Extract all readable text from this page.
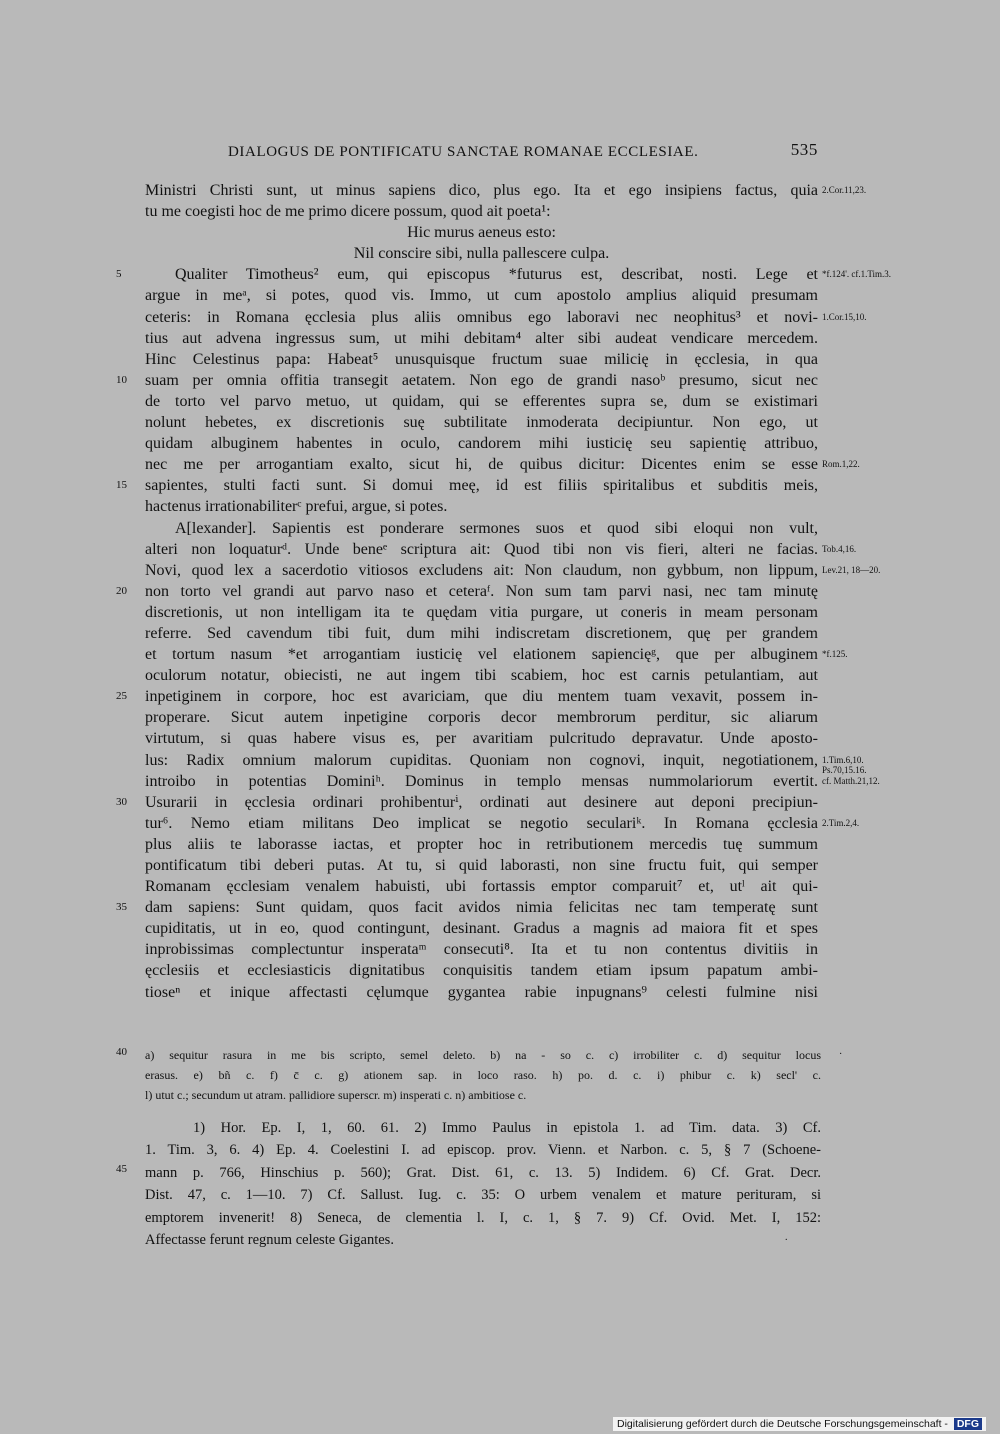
DIALOGUS DE PONTIFICATU SANCTAE ROMANAE ECCLESIAE.	535
Ministri Christi sunt, ut minus sapiens dico, plus ego. Ita et ego insipiens factus, quia
tu me coegisti hoc de me primo dicere possum, quod ait poeta¹:
Hic murus aeneus esto:
Nil conscire sibi, nulla pallescere culpa.
Qualiter Timotheus² eum, qui episcopus *futurus est, describat, nosti. Lege et
argue in meᵃ, si potes, quod vis. Immo, ut cum apostolo amplius aliquid presumam
ceteris: in Romana ęcclesia plus aliis omnibus ego laboravi nec neophitus³ et novi-
tius aut advena ingressus sum, ut mihi debitam⁴ alter sibi audeat vendicare mercedem.
Hinc Celestinus papa: Habeat⁵ unusquisque fructum suae milicię in ęcclesia, in qua
suam per omnia offitia transegit aetatem. Non ego de grandi nasoᵇ presumo, sicut nec
de torto vel parvo metuo, ut quidam, qui se efferentes supra se, dum se existimari
nolunt hebetes, ex discretionis suę subtilitate inmoderata decipiuntur. Non ego, ut
quidam albuginem habentes in oculo, candorem mihi iusticię seu sapientię attribuo,
nec me per arrogantiam exalto, sicut hi, de quibus dicitur: Dicentes enim se esse
sapientes, stulti facti sunt. Si domui meę, id est filiis spiritalibus et subditis meis,
hactenus irrationabiliterᶜ prefui, argue, si potes.
A[lexander]. Sapientis est ponderare sermones suos et quod sibi eloqui non vult,
alteri non loquaturᵈ. Unde beneᵉ scriptura ait: Quod tibi non vis fieri, alteri ne facias.
Novi, quod lex a sacerdotio vitiosos excludens ait: Non claudum, non gybbum, non lippum,
non torto vel grandi aut parvo naso et ceteraᶠ. Non sum tam parvi nasi, nec tam minutę
discretionis, ut non intelligam ita te quędam vitia purgare, ut coneris in meam personam
referre. Sed cavendum tibi fuit, dum mihi indiscretam discretionem, quę per grandem
et tortum nasum *et arrogantiam iusticię vel elationem sapiencięᵍ, que per albuginem
oculorum notatur, obiecisti, ne aut ingem tibi scabiem, hoc est carnis petulantiam, aut
inpetiginem in corpore, hoc est avariciam, que diu mentem tuam vexavit, possem in-
properare. Sicut autem inpetigine corporis decor membrorum perditur, sic aliarum
virtutum, si quas habere visus es, per avaritiam pulcritudo depravatur. Unde aposto-
lus: Radix omnium malorum cupiditas. Quoniam non cognovi, inquit, negotiationem,
introibo in potentias Dominiʰ. Dominus in templo mensas nummolariorum evertit.
Usurarii in ęcclesia ordinari prohibenturⁱ, ordinati aut desinere aut deponi precipiun-
tur⁶. Nemo etiam militans Deo implicat se negotio seculariᵏ. In Romana ęcclesia
plus aliis te laborasse iactas, et propter hoc in retributionem mercedis tuę summum
pontificatum tibi deberi putas. At tu, si quid laborasti, non sine fructu fuit, qui semper
Romanam ęcclesiam venalem habuisti, ubi fortassis emptor comparuit⁷ et, utˡ ait qui-
dam sapiens: Sunt quidam, quos facit avidos nimia felicitas nec tam temperatę sunt
cupiditatis, ut in eo, quod contingunt, desinant. Gradus a magnis ad maiora fit et spes
inprobissimas complectuntur insperataᵐ consecuti⁸. Ita et tu non contentus divitiis in
ęcclesiis et ecclesiasticis dignitatibus conquisitis tandem etiam ipsum papatum ambi-
tioseⁿ et inique affectasti cęlumque gygantea rabie inpugnans⁹ celesti fulmine nisi
5
10
15
20
25
30
35
2.Cor.11,23.
*f.124'. cf.1.Tim.3.
1.Cor.15,10.
Rom.1,22.
Tob.4,16.
Lev.21, 18—20.
*f.125.
1.Tim.6,10. Ps.70,15.16.
cf. Matth.21,12.
2.Tim.2,4.
40	a) sequitur rasura in me bis scripto, semel deleto. b) na - so c. c) irrobiliter c. d) sequitur locus
erasus. e) bñ c. f) c̄ c. g) ationem sap. in loco raso. h) po. d. c. i) phibur c. k) secl' c.
l) utut c.; secundum ut atram. pallidiore superscr. m) insperati c. n) ambitiose c.
·
45
1) Hor. Ep. I, 1, 60. 61. 2) Immo Paulus in epistola 1. ad Tim. data. 3) Cf.
1. Tim. 3, 6. 4) Ep. 4. Coelestini I. ad episcop. prov. Vienn. et Narbon. c. 5, § 7 (Schoene-
mann p. 766, Hinschius p. 560); Grat. Dist. 61, c. 13. 5) Indidem. 6) Cf. Grat. Decr.
Dist. 47, c. 1—10. 7) Cf. Sallust. Iug. c. 35: O urbem venalem et mature perituram, si
emptorem invenerit! 8) Seneca, de clementia l. I, c. 1, § 7. 9) Cf. Ovid. Met. I, 152:
Affectasse ferunt regnum celeste Gigantes.	.
Digitalisierung gefördert durch die Deutsche Forschungsgemeinschaft - DFG
